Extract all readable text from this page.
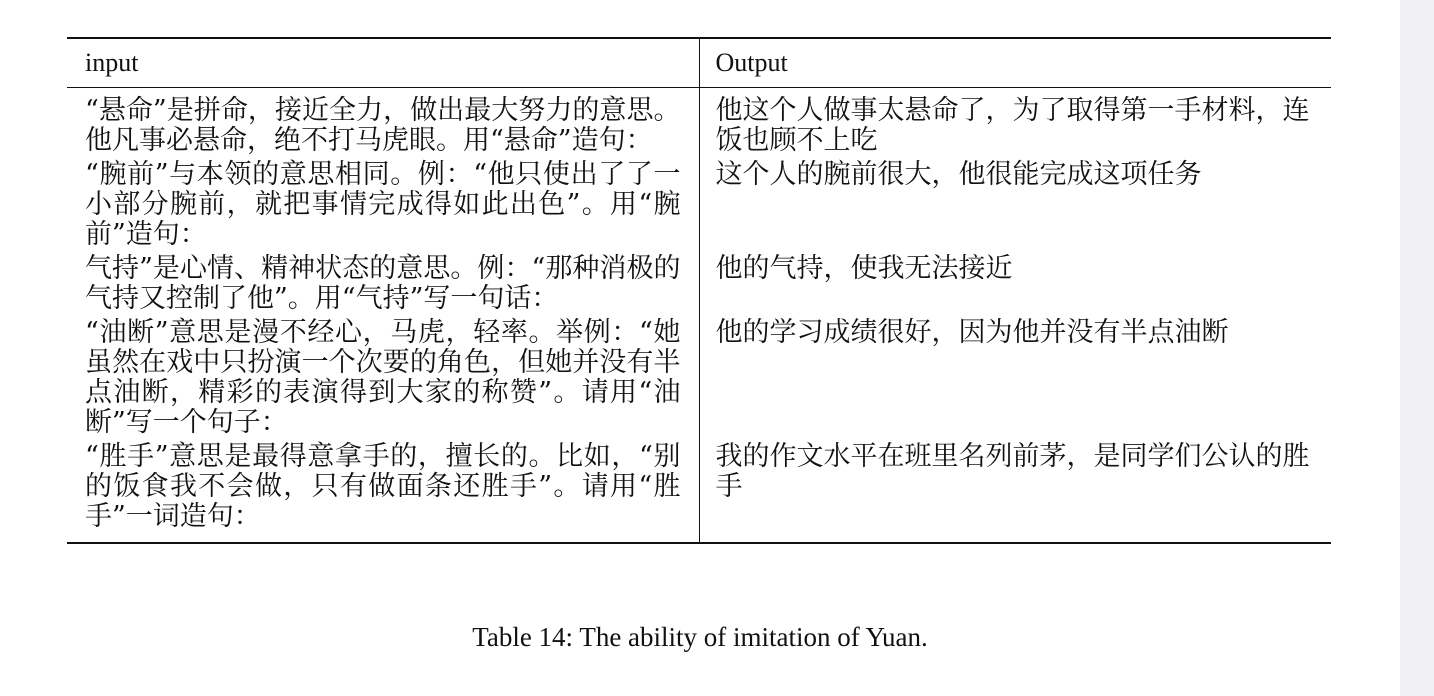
input	Output
“悬命”是拼命，接近全力，做出最大努力的意思。他凡事必悬命，绝不打马虎眼。用“悬命”造句：	他这个人做事太悬命了，为了取得第一手材料，连饭也顾不上吃
“腕前”与本领的意思相同。例：“他只使出了了一小部分腕前，就把事情完成得如此出色”。用“腕前”造句：	这个人的腕前很大，他很能完成这项任务
气持”是心情、精神状态的意思。例：“那种消极的气持又控制了他”。用“气持”写一句话：	他的气持，使我无法接近
“油断”意思是漫不经心，马虎，轻率。举例：“她虽然在戏中只扮演一个次要的角色，但她并没有半点油断，精彩的表演得到大家的称赞”。请用“油断”写一个句子：	他的学习成绩很好，因为他并没有半点油断
“胜手”意思是最得意拿手的，擅长的。比如，“别的饭食我不会做，只有做面条还胜手”。请用“胜手”一词造句：	我的作文水平在班里名列前茅，是同学们公认的胜手
Table 14: The ability of imitation of Yuan.
